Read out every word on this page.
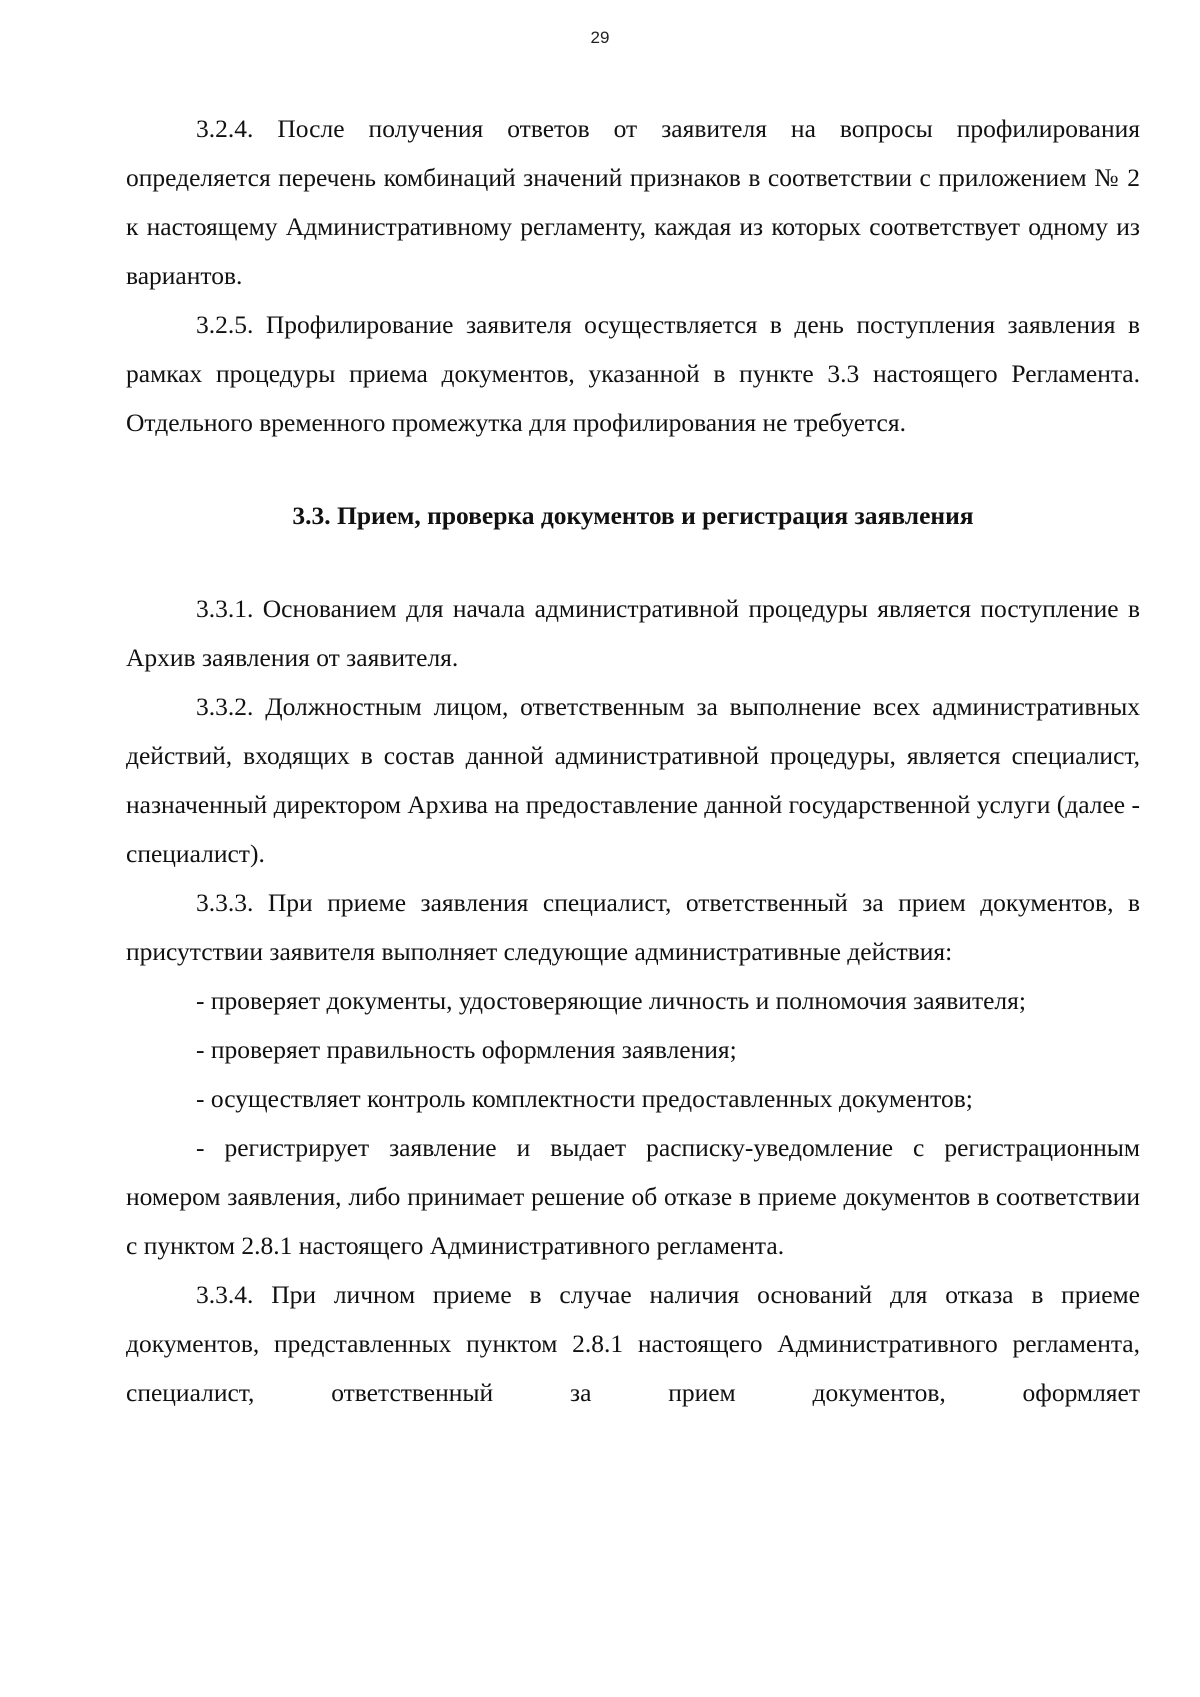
29

3.2.4. После получения ответов от заявителя на вопросы профилирования определяется перечень комбинаций значений признаков в соответствии с приложением № 2 к настоящему Административному регламенту, каждая из которых соответствует одному из вариантов.

3.2.5. Профилирование заявителя осуществляется в день поступления заявления в рамках процедуры приема документов, указанной в пункте 3.3 настоящего Регламента. Отдельного временного промежутка для профилирования не требуется.

3.3. Прием, проверка документов и регистрация заявления

3.3.1. Основанием для начала административной процедуры является поступление в Архив заявления от заявителя.

3.3.2. Должностным лицом, ответственным за выполнение всех административных действий, входящих в состав данной административной процедуры, является специалист, назначенный директором Архива на предоставление данной государственной услуги (далее - специалист).

3.3.3. При приеме заявления специалист, ответственный за прием документов, в присутствии заявителя выполняет следующие административные действия:

- проверяет документы, удостоверяющие личность и полномочия заявителя;

- проверяет правильность оформления заявления;

- осуществляет контроль комплектности предоставленных документов;

- регистрирует заявление и выдает расписку-уведомление с регистрационным номером заявления, либо принимает решение об отказе в приеме документов в соответствии с пунктом 2.8.1 настоящего Административного регламента.

3.3.4. При личном приеме в случае наличия оснований для отказа в приеме документов, представленных пунктом 2.8.1 настоящего Административного регламента, специалист, ответственный за прием документов, оформляет
